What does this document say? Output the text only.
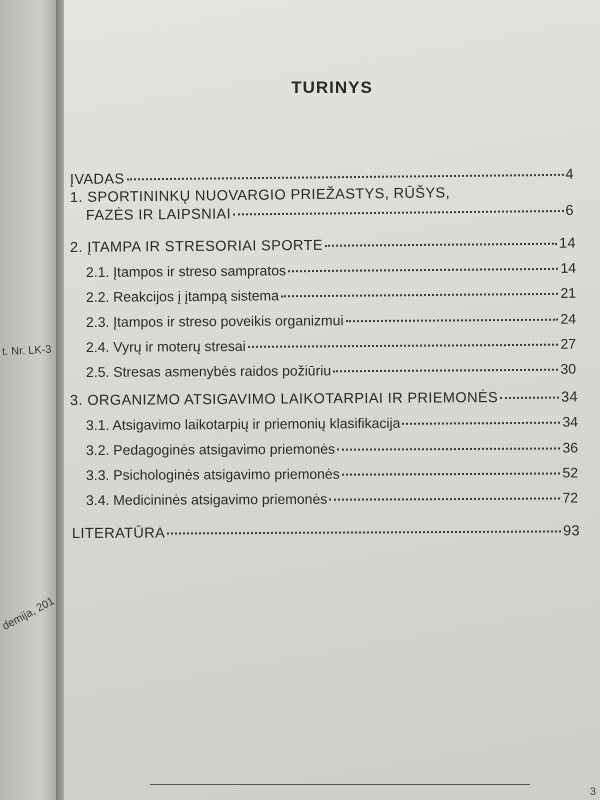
t. Nr. LK-3
demija, 201
TURINYS
ĮVADAS	4
1. SPORTININKŲ NUOVARGIO PRIEŽASTYS, RŪŠYS,
FAZĖS IR LAIPSNIAI	6
2. ĮTAMPA IR STRESORIAI SPORTE	14
2.1. Įtampos ir streso sampratos	14
2.2. Reakcijos į įtampą sistema	21
2.3. Įtampos ir streso poveikis organizmui	24
2.4. Vyrų ir moterų stresai	27
2.5. Stresas asmenybės raidos požiūriu	30
3. ORGANIZMO ATSIGAVIMO LAIKOTARPIAI IR PRIEMONĖS	34
3.1. Atsigavimo laikotarpių ir priemonių klasifikacija	34
3.2. Pedagoginės atsigavimo priemonės	36
3.3. Psichologinės atsigavimo priemonės	52
3.4. Medicininės atsigavimo priemonės	72
LITERATŪRA	93
3
